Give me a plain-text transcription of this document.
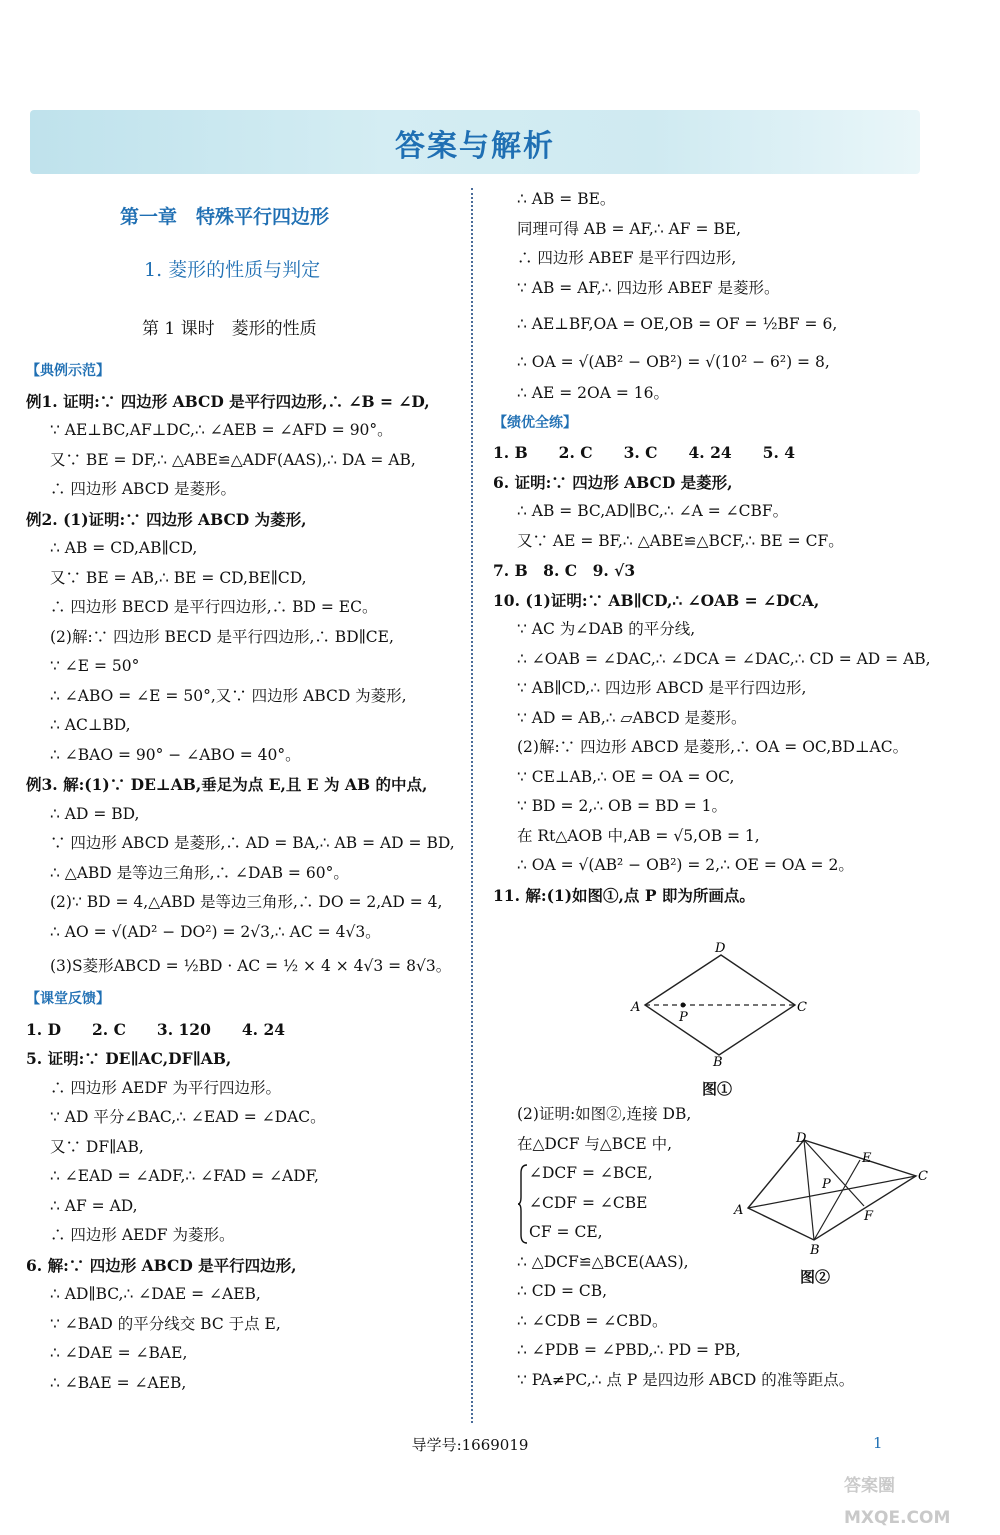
答案与解析
第一章　特殊平行四边形
1. 菱形的性质与判定
第 1 课时　菱形的性质
【典例示范】
例1. 证明:∵ 四边形 ABCD 是平行四边形,∴ ∠B = ∠D,
∵ AE⊥BC,AF⊥DC,∴ ∠AEB = ∠AFD = 90°。
又∵ BE = DF,∴ △ABE≌△ADF(AAS),∴ DA = AB,
∴ 四边形 ABCD 是菱形。
例2. (1)证明:∵ 四边形 ABCD 为菱形,
∴ AB = CD,AB∥CD,
又∵ BE = AB,∴ BE = CD,BE∥CD,
∴ 四边形 BECD 是平行四边形,∴ BD = EC。
(2)解:∵ 四边形 BECD 是平行四边形,∴ BD∥CE,
∵ ∠E = 50°
∴ ∠ABO = ∠E = 50°,又∵ 四边形 ABCD 为菱形,
∴ AC⊥BD,
∴ ∠BAO = 90° − ∠ABO = 40°。
例3. 解:(1)∵ DE⊥AB,垂足为点 E,且 E 为 AB 的中点,
∴ AD = BD,
∵ 四边形 ABCD 是菱形,∴ AD = BA,∴ AB = AD = BD,
∴ △ABD 是等边三角形,∴ ∠DAB = 60°。
(2)∵ BD = 4,△ABD 是等边三角形,∴ DO = 2,AD = 4,
∴ AO = √(AD² − DO²) = 2√3,∴ AC = 4√3。
(3)S菱形ABCD = ½BD · AC = ½ × 4 × 4√3 = 8√3。
【课堂反馈】
1. D　　2. C　　3. 120　　4. 24
5. 证明:∵ DE∥AC,DF∥AB,
∴ 四边形 AEDF 为平行四边形。
∵ AD 平分∠BAC,∴ ∠EAD = ∠DAC。
又∵ DF∥AB,
∴ ∠EAD = ∠ADF,∴ ∠FAD = ∠ADF,
∴ AF = AD,
∴ 四边形 AEDF 为菱形。
6. 解:∵ 四边形 ABCD 是平行四边形,
∴ AD∥BC,∴ ∠DAE = ∠AEB,
∵ ∠BAD 的平分线交 BC 于点 E,
∴ ∠DAE = ∠BAE,
∴ ∠BAE = ∠AEB,
∴ AB = BE。
同理可得 AB = AF,∴ AF = BE,
∴ 四边形 ABEF 是平行四边形,
∵ AB = AF,∴ 四边形 ABEF 是菱形。
∴ AE⊥BF,OA = OE,OB = OF = ½BF = 6,
∴ OA = √(AB² − OB²) = √(10² − 6²) = 8,
∴ AE = 2OA = 16。
【绩优全练】
1. B　　2. C　　3. C　　4. 24　　5. 4
6. 证明:∵ 四边形 ABCD 是菱形,
∴ AB = BC,AD∥BC,∴ ∠A = ∠CBF。
又∵ AE = BF,∴ △ABE≌△BCF,∴ BE = CF。
7. B　8. C　9. √3
10. (1)证明:∵ AB∥CD,∴ ∠OAB = ∠DCA,
∵ AC 为∠DAB 的平分线,
∴ ∠OAB = ∠DAC,∴ ∠DCA = ∠DAC,∴ CD = AD = AB,
∵ AB∥CD,∴ 四边形 ABCD 是平行四边形,
∵ AD = AB,∴ ▱ABCD 是菱形。
(2)解:∵ 四边形 ABCD 是菱形,∴ OA = OC,BD⊥AC。
∵ CE⊥AB,∴ OE = OA = OC,
∵ BD = 2,∴ OB = BD = 1。
在 Rt△AOB 中,AB = √5,OB = 1,
∴ OA = √(AB² − OB²) = 2,∴ OE = OA = 2。
11. 解:(1)如图①,点 P 即为所画点。
A
B
C
D
P
图①
(2)证明:如图②,连接 DB,
在△DCF 与△BCE 中,
∠DCF = ∠BCE,
∠CDF = ∠CBE
CF = CE,
∴ △DCF≌△BCE(AAS),
∴ CD = CB,
∴ ∠CDB = ∠CBD。
∴ ∠PDB = ∠PBD,∴ PD = PB,
∵ PA≠PC,∴ 点 P 是四边形 ABCD 的准等距点。
A
B
C
D
E
F
P
图②
导学号:1669019	1
答案圈
MXQE.COM
